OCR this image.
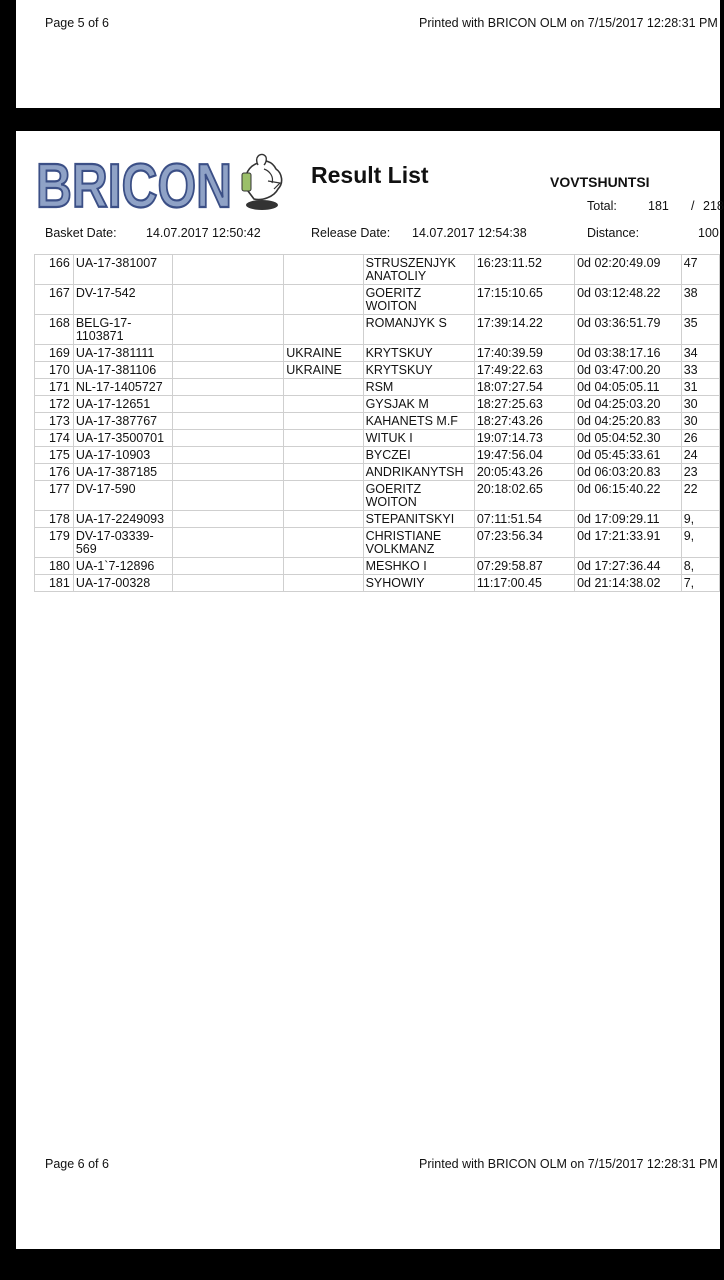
Page 5 of 6	Printed with BRICON OLM on 7/15/2017 12:28:31 PM
BRICON	Result List	VOVTSHUNTSI
Total: 181 / 218
Basket Date: 14.07.2017 12:50:42	Release Date: 14.07.2017 12:54:38	Distance:	100
166	UA-17-381007			STRUSZENJYK ANATOLIY	16:23:11.52	0d 02:20:49.09	47
167	DV-17-542			GOERITZ WOITON	17:15:10.65	0d 03:12:48.22	38
168	BELG-17-1103871			ROMANJYK S	17:39:14.22	0d 03:36:51.79	35
169	UA-17-381111		UKRAINE	KRYTSKUY	17:40:39.59	0d 03:38:17.16	34
170	UA-17-381106		UKRAINE	KRYTSKUY	17:49:22.63	0d 03:47:00.20	33
171	NL-17-1405727			RSM	18:07:27.54	0d 04:05:05.11	31
172	UA-17-12651			GYSJAK M	18:27:25.63	0d 04:25:03.20	30
173	UA-17-387767			KAHANETS M.F	18:27:43.26	0d 04:25:20.83	30
174	UA-17-3500701			WITUK I	19:07:14.73	0d 05:04:52.30	26
175	UA-17-10903			BYCZEI	19:47:56.04	0d 05:45:33.61	24
176	UA-17-387185			ANDRIKANYTSH	20:05:43.26	0d 06:03:20.83	23
177	DV-17-590			GOERITZ WOITON	20:18:02.65	0d 06:15:40.22	22
178	UA-17-2249093			STEPANITSKYI	07:11:51.54	0d 17:09:29.11	9,
179	DV-17-03339-569			CHRISTIANE VOLKMANZ	07:23:56.34	0d 17:21:33.91	9,
180	UA-1`7-12896			MESHKO I	07:29:58.87	0d 17:27:36.44	8,
181	UA-17-00328			SYHOWIY	11:17:00.45	0d 21:14:38.02	7,
Page 6 of 6	Printed with BRICON OLM on 7/15/2017 12:28:31 PM
